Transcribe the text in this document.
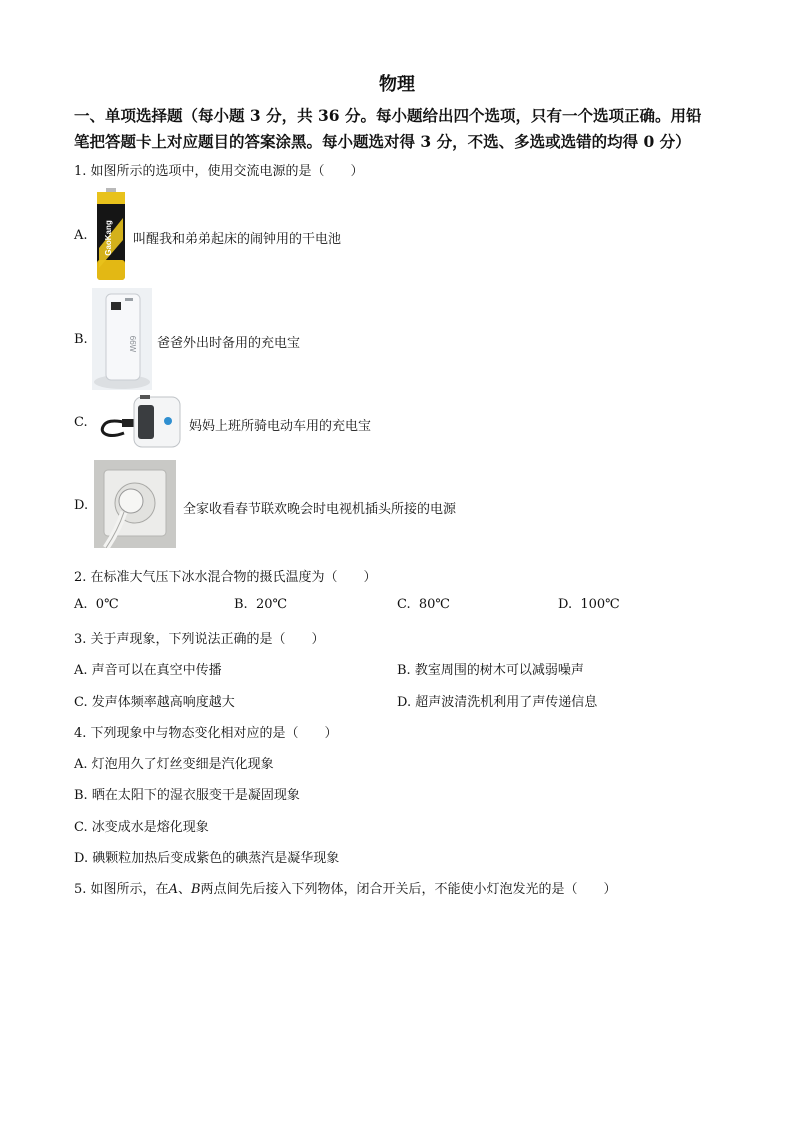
物理
一、单项选择题（每小题 3 分，共 36 分。每小题给出四个选项，只有一个选项正确。用铅
笔把答题卡上对应题目的答案涂黑。每小题选对得 3 分，不选、多选或选错的均得 0 分）
1. 如图所示的选项中，使用交流电源的是（　　）
A. GaoKang 叫醒我和弟弟起床的闹钟用的干电池
B.	66W 爸爸外出时备用的充电宝
C.	妈妈上班所骑电动车用的充电宝
D.	全家收看春节联欢晚会时电视机插头所接的电源
2. 在标准大气压下冰水混合物的摄氏温度为（　　）
A. 0℃	B. 20℃	C. 80℃	D. 100℃
3. 关于声现象，下列说法正确的是（　　）
A. 声音可以在真空中传播	B. 教室周围的树木可以减弱噪声
C. 发声体频率越高响度越大	D. 超声波清洗机利用了声传递信息
4. 下列现象中与物态变化相对应的是（　　）
A. 灯泡用久了灯丝变细是汽化现象
B. 晒在太阳下的湿衣服变干是凝固现象
C. 冰变成水是熔化现象
D. 碘颗粒加热后变成紫色的碘蒸汽是凝华现象
5. 如图所示，在A、B两点间先后接入下列物体，闭合开关后，不能使小灯泡发光的是（　　）
